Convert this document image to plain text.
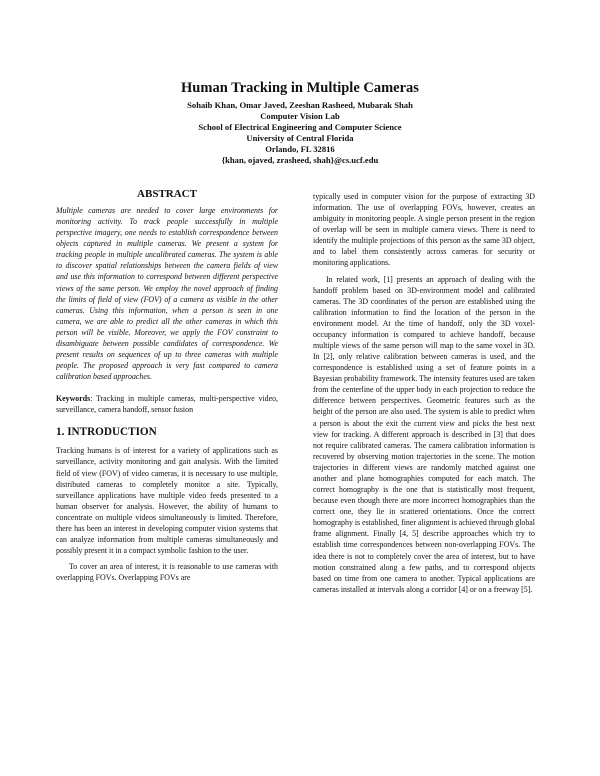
Human Tracking in Multiple Cameras
Sohaib Khan, Omar Javed, Zeeshan Rasheed, Mubarak Shah
Computer Vision Lab
School of Electrical Engineering and Computer Science
University of Central Florida
Orlando, FL 32816
{khan, ojaved, zrasheed, shah}@cs.ucf.edu
ABSTRACT

Multiple cameras are needed to cover large environments for monitoring activity. To track people successfully in multiple perspective imagery, one needs to establish correspondence between objects captured in multiple cameras. We present a system for tracking people in multiple uncalibrated cameras. The system is able to discover spatial relationships between the camera fields of view and use this information to correspond between different perspective views of the same person. We employ the novel approach of finding the limits of field of view (FOV) of a camera as visible in the other cameras. Using this information, when a person is seen in one camera, we are able to predict all the other cameras in which this person will be visible. Moreover, we apply the FOV constraint to disambiguate between possible candidates of correspondence. We present results on sequences of up to three cameras with multiple people. The proposed approach is very fast compared to camera calibration based approaches.

Keywords: Tracking in multiple cameras, multi-perspective video, surveillance, camera handoff, sensor fusion

1. INTRODUCTION

Tracking humans is of interest for a variety of applications such as surveillance, activity monitoring and gait analysis. With the limited field of view (FOV) of video cameras, it is necessary to use multiple, distributed cameras to completely monitor a site. Typically, surveillance applications have multiple video feeds presented to a human observer for analysis. However, the ability of humans to concentrate on multiple videos simultaneously is limited. Therefore, there has been an interest in developing computer vision systems that can analyze information from multiple cameras simultaneously and possibly present it in a compact symbolic fashion to the user.

To cover an area of interest, it is reasonable to use cameras with overlapping FOVs. Overlapping FOVs are

typically used in computer vision for the purpose of extracting 3D information. The use of overlapping FOVs, however, creates an ambiguity in monitoring people. A single person present in the region of overlap will be seen in multiple camera views. There is need to identify the multiple projections of this person as the same 3D object, and to label them consistently across cameras for security or monitoring applications.

In related work, [1] presents an approach of dealing with the handoff problem based on 3D-environment model and calibrated cameras. The 3D coordinates of the person are established using the calibration information to find the location of the person in the environment model. At the time of handoff, only the 3D voxel-occupancy information is compared to achieve handoff, because multiple views of the same person will map to the same voxel in 3D. In [2], only relative calibration between cameras is used, and the correspondence is established using a set of feature points in a Bayesian probability framework. The intensity features used are taken from the centerline of the upper body in each projection to reduce the difference between perspectives. Geometric features such as the height of the person are also used. The system is able to predict when a person is about the exit the current view and picks the best next view for tracking. A different approach is described in [3] that does not require calibrated cameras. The camera calibration information is recovered by observing motion trajectories in the scene. The motion trajectories in different views are randomly matched against one another and plane homographies computed for each match. The correct homography is the one that is statistically most frequent, because even though there are more incorrect homographies than the correct one, they lie in scattered orientations. Once the correct homography is established, finer alignment is achieved through global frame alignment. Finally [4, 5] describe approaches which try to establish time correspondences between non-overlapping FOVs. The idea there is not to completely cover the area of interest, but to have motion constrained along a few paths, and to correspond objects based on time from one camera to another. Typical applications are cameras installed at intervals along a corridor [4] or on a freeway [5].
